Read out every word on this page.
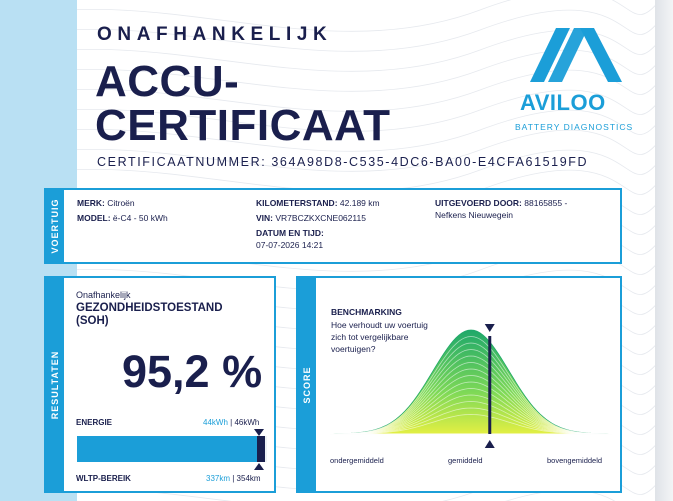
ONAFHANKELIJK
ACCU-
CERTIFICAAT
CERTIFICAATNUMMER: 364A98D8-C535-4DC6-BA00-E4CFA61519FD
AVILOO
BATTERY DIAGNOSTICS
VOERTUIG MERK: Citroën
MODEL: ë-C4 - 50 kWh
KILOMETERSTAND: 42.189 km
VIN: VR7BCZKXCNE062115
DATUM EN TIJD:
07-07-2026 14:21
UITGEVOERD DOOR: 88165855 -
Nefkens Nieuwegein
RESULTATEN
Onafhankelijk
GEZONDHEIDSTOESTAND
(SOH)
95,2 %
ENERGIE	44kWh | 46kWh
WLTP-BEREIK	337km | 354km
SCORE
BENCHMARKING
Hoe verhoudt uw voertuig zich tot vergelijkbare voertuigen?
ondergemiddeld	gemiddeld	bovengemiddeld
